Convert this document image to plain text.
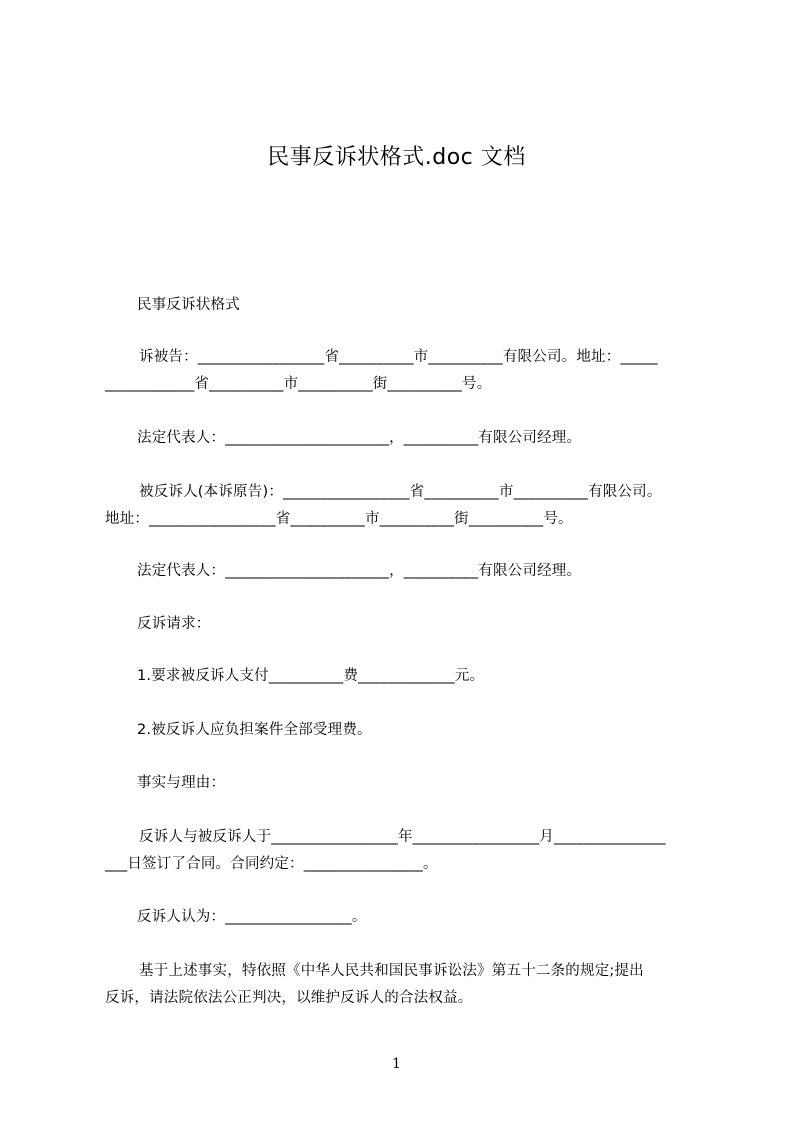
民事反诉状格式.doc 文档
民事反诉状格式
诉被告：_________________省__________市__________有限公司。地址：_____
____________省__________市__________街__________号。
法定代表人：______________________，__________有限公司经理。
被反诉人(本诉原告)：_________________省__________市__________有限公司。
地址：_________________省__________市__________街__________号。
法定代表人：______________________，__________有限公司经理。
反诉请求：
1.要求被反诉人支付__________费_____________元。
2.被反诉人应负担案件全部受理费。
事实与理由：
反诉人与被反诉人于_________________年_________________月_______________
___日签订了合同。合同约定：________________。
反诉人认为：_________________。
基于上述事实，特依照《中华人民共和国民事诉讼法》第五十二条的规定;提出
反诉，请法院依法公正判决，以维护反诉人的合法权益。
1
